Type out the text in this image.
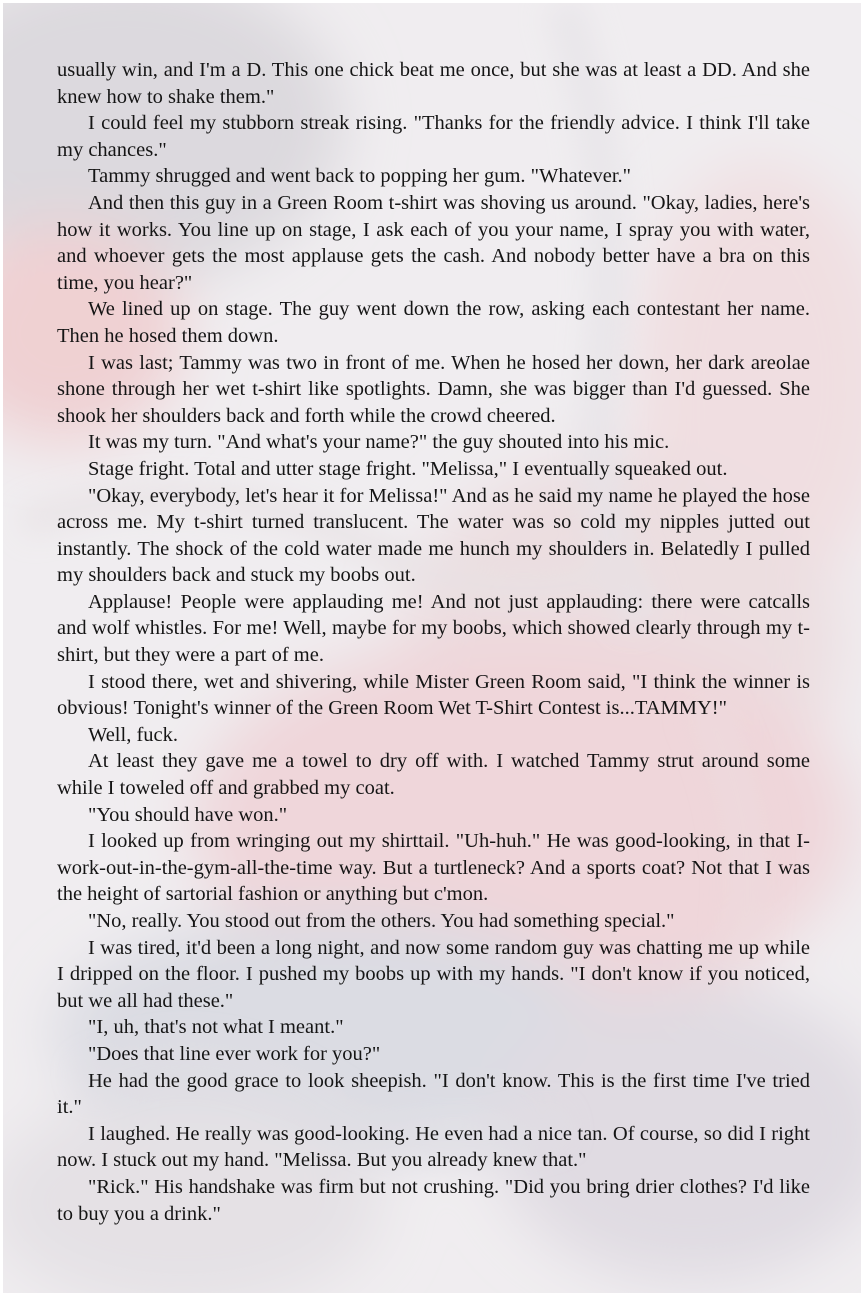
usually win, and I'm a D. This one chick beat me once, but she was at least a DD. And she knew how to shake them."

I could feel my stubborn streak rising. "Thanks for the friendly advice. I think I'll take my chances."

Tammy shrugged and went back to popping her gum. "Whatever."

And then this guy in a Green Room t-shirt was shoving us around. "Okay, ladies, here's how it works. You line up on stage, I ask each of you your name, I spray you with water, and whoever gets the most applause gets the cash. And nobody better have a bra on this time, you hear?"

We lined up on stage. The guy went down the row, asking each contestant her name. Then he hosed them down.

I was last; Tammy was two in front of me. When he hosed her down, her dark areolae shone through her wet t-shirt like spotlights. Damn, she was bigger than I'd guessed. She shook her shoulders back and forth while the crowd cheered.

It was my turn. "And what's your name?" the guy shouted into his mic.

Stage fright. Total and utter stage fright. "Melissa," I eventually squeaked out.

"Okay, everybody, let's hear it for Melissa!" And as he said my name he played the hose across me. My t-shirt turned translucent. The water was so cold my nipples jutted out instantly. The shock of the cold water made me hunch my shoulders in. Belatedly I pulled my shoulders back and stuck my boobs out.

Applause! People were applauding me! And not just applauding: there were catcalls and wolf whistles. For me! Well, maybe for my boobs, which showed clearly through my t-shirt, but they were a part of me.

I stood there, wet and shivering, while Mister Green Room said, "I think the winner is obvious! Tonight's winner of the Green Room Wet T-Shirt Contest is...TAMMY!"

Well, fuck.

At least they gave me a towel to dry off with. I watched Tammy strut around some while I toweled off and grabbed my coat.

"You should have won."

I looked up from wringing out my shirttail. "Uh-huh." He was good-looking, in that I-work-out-in-the-gym-all-the-time way. But a turtleneck? And a sports coat? Not that I was the height of sartorial fashion or anything but c'mon.

"No, really. You stood out from the others. You had something special."

I was tired, it'd been a long night, and now some random guy was chatting me up while I dripped on the floor. I pushed my boobs up with my hands. "I don't know if you noticed, but we all had these."

"I, uh, that's not what I meant."

"Does that line ever work for you?"

He had the good grace to look sheepish. "I don't know. This is the first time I've tried it."

I laughed. He really was good-looking. He even had a nice tan. Of course, so did I right now. I stuck out my hand. "Melissa. But you already knew that."

"Rick." His handshake was firm but not crushing. "Did you bring drier clothes? I'd like to buy you a drink."
